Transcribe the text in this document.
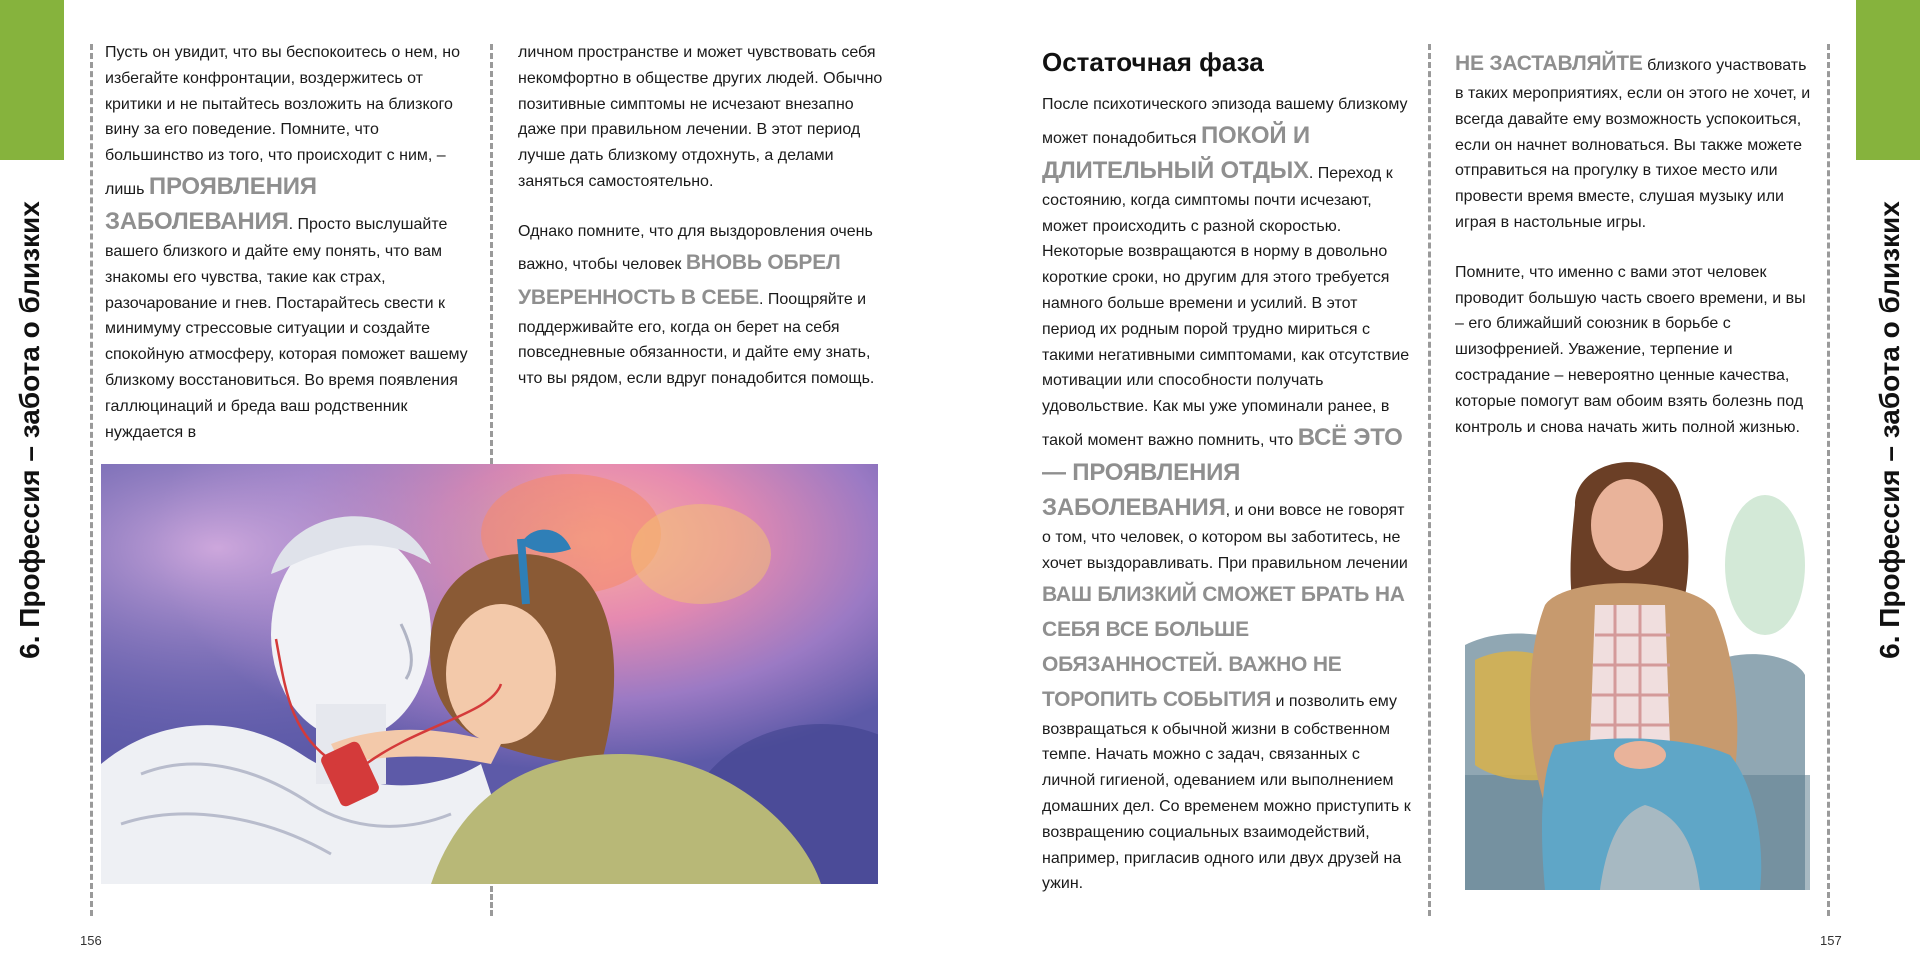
6. Профессия – забота о близких

Пусть он увидит, что вы беспокоитесь о нем, но избегайте конфронтации, воздержитесь от критики и не пытайтесь возложить на близкого вину за его поведение. Помните, что большинство из того, что происходит с ним, – лишь ПРОЯВЛЕНИЯ ЗАБОЛЕВАНИЯ. Просто выслушайте вашего близкого и дайте ему понять, что вам знакомы его чувства, такие как страх, разочарование и гнев. Постарайтесь свести к минимуму стрессовые ситуации и создайте спокойную атмосферу, которая поможет вашему близкому восстановиться. Во время появления галлюцинаций и бреда ваш родственник нуждается в

личном пространстве и может чувствовать себя некомфортно в обществе других людей. Обычно позитивные симптомы не исчезают внезапно даже при правильном лечении. В этот период лучше дать близкому отдохнуть, а делами заняться самостоятельно.

Однако помните, что для выздоровления очень важно, чтобы человек ВНОВЬ ОБРЕЛ УВЕРЕННОСТЬ В СЕБЕ. Поощряйте и поддерживайте его, когда он берет на себя повседневные обязанности, и дайте ему знать, что вы рядом, если вдруг понадобится помощь.

156
6. Профессия – забота о близких
Остаточная фаза

После психотического эпизода вашему близкому может понадобиться ПОКОЙ И ДЛИТЕЛЬНЫЙ ОТДЫХ. Переход к состоянию, когда симптомы почти исчезают, может происходить с разной скоростью. Некоторые возвращаются в норму в довольно короткие сроки, но другим для этого требуется намного больше времени и усилий. В этот период их родным порой трудно мириться с такими негативными симптомами, как отсутствие мотивации или способности получать удовольствие. Как мы уже упоминали ранее, в такой момент важно помнить, что ВСЁ ЭТО — ПРОЯВЛЕНИЯ ЗАБОЛЕВАНИЯ, и они вовсе не говорят о том, что человек, о котором вы заботитесь, не хочет выздоравливать. При правильном лечении ВАШ БЛИЗКИЙ СМОЖЕТ БРАТЬ НА СЕБЯ ВСЕ БОЛЬШЕ ОБЯЗАННОСТЕЙ. ВАЖНО НЕ ТОРОПИТЬ СОБЫТИЯ и позволить ему возвращаться к обычной жизни в собственном темпе. Начать можно с задач, связанных с личной гигиеной, одеванием или выполнением домашних дел. Со временем можно приступить к возвращению социальных взаимодействий, например, пригласив одного или двух друзей на ужин.

НЕ ЗАСТАВЛЯЙТЕ близкого участвовать в таких мероприятиях, если он этого не хочет, и всегда давайте ему возможность успокоиться, если он начнет волноваться. Вы также можете отправиться на прогулку в тихое место или провести время вместе, слушая музыку или играя в настольные игры.

Помните, что именно с вами этот человек проводит большую часть своего времени, и вы – его ближайший союзник в борьбе с шизофренией. Уважение, терпение и сострадание – невероятно ценные качества, которые помогут вам обоим взять болезнь под контроль и снова начать жить полной жизнью.

157
